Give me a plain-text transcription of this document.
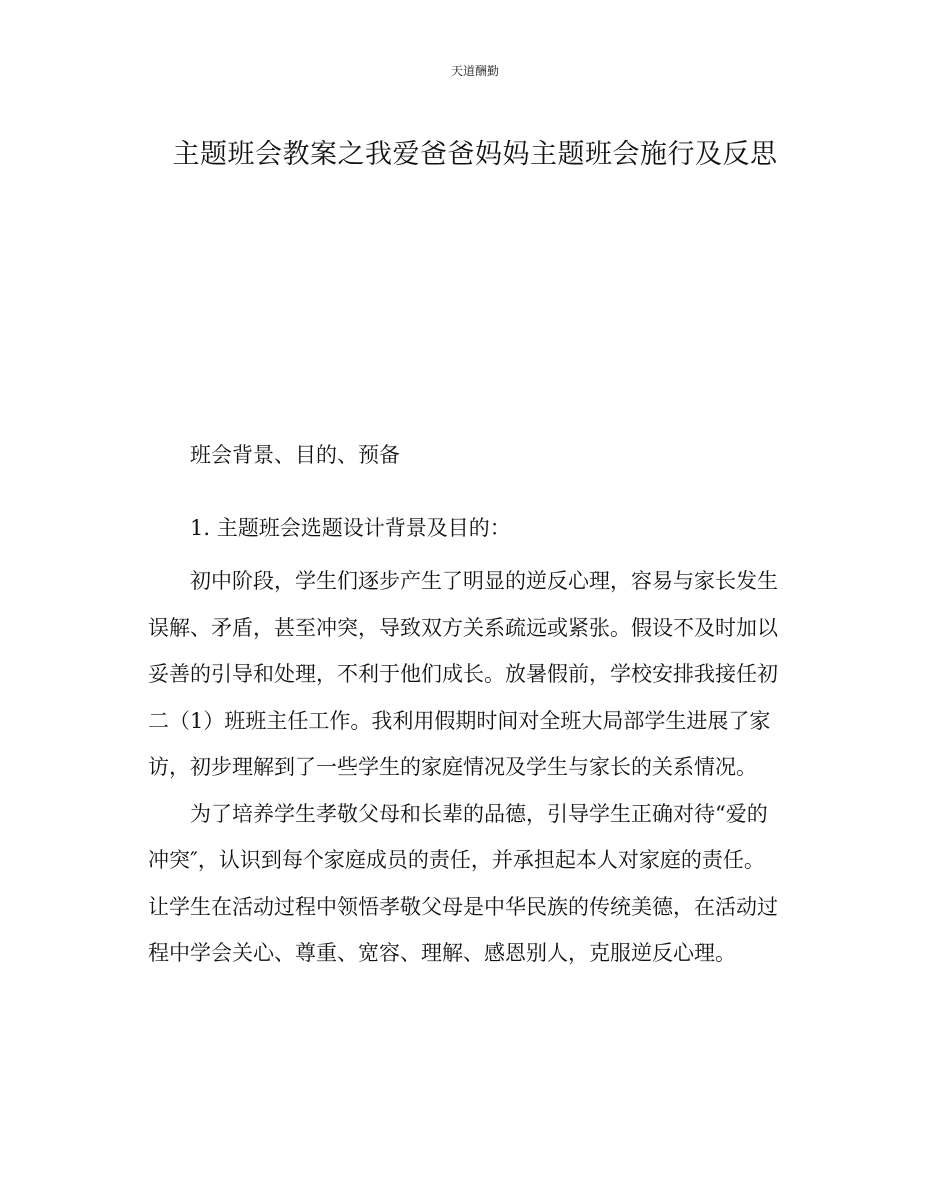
天道酬勤
主题班会教案之我爱爸爸妈妈主题班会施行及反思
班会背景、目的、预备
1. 主题班会选题设计背景及目的：
初中阶段，学生们逐步产生了明显的逆反心理，容易与家长发生
误解、矛盾，甚至冲突，导致双方关系疏远或紧张。假设不及时加以
妥善的引导和处理，不利于他们成长。放暑假前，学校安排我接任初
二（1）班班主任工作。我利用假期时间对全班大局部学生进展了家
访，初步理解到了一些学生的家庭情况及学生与家长的关系情况。
为了培养学生孝敬父母和长辈的品德，引导学生正确对待“爱的
冲突″，认识到每个家庭成员的责任，并承担起本人对家庭的责任。
让学生在活动过程中领悟孝敬父母是中华民族的传统美德，在活动过
程中学会关心、尊重、宽容、理解、感恩别人，克服逆反心理。
